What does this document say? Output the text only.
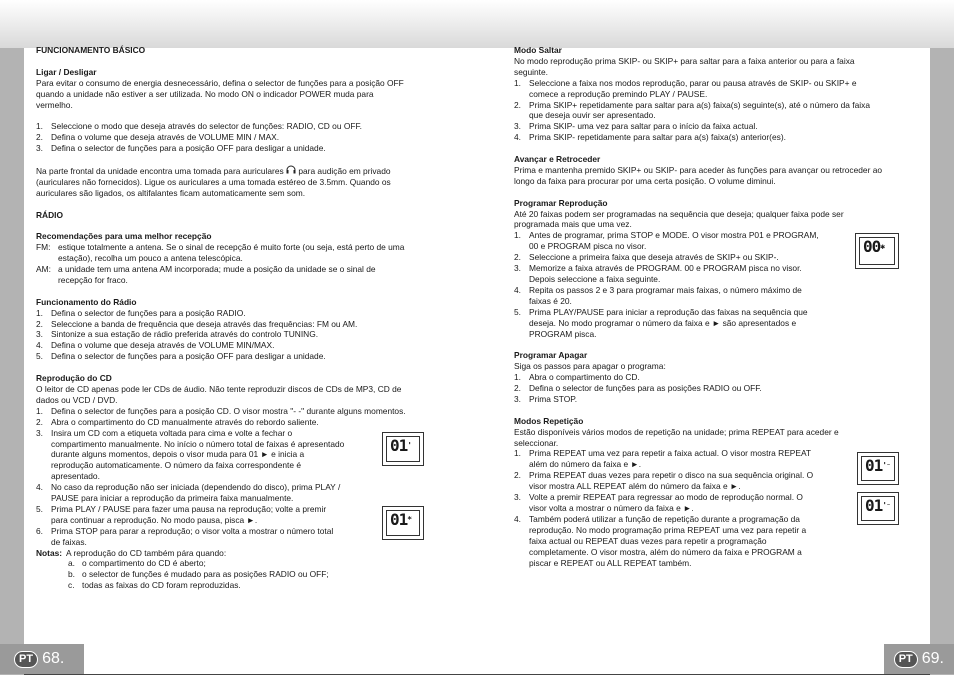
PT 68.	PT 69.
FUNCIONAMENTO BÁSICO
Ligar / Desligar
Para evitar o consumo de energia desnecessário, defina o selector de funções para a posição OFF
quando a unidade não estiver a ser utilizada. No modo ON o indicador POWER muda para
vermelho.
1. Seleccione o modo que deseja através do selector de funções: RADIO, CD ou OFF.
2. Defina o volume que deseja através de VOLUME MIN / MAX.
3. Defina o selector de funções para a posição OFF para desligar a unidade.
Na parte frontal da unidade encontra uma tomada para auriculares para audição em privado
(auriculares não fornecidos). Ligue os auriculares a uma tomada estéreo de 3.5mm. Quando os
auriculares são ligados, os altifalantes ficam automaticamente sem som.
RÁDIO
Recomendações para uma melhor recepção
FM: estique totalmente a antena. Se o sinal de recepção é muito forte (ou seja, está perto de uma
estação), recolha um pouco a antena telescópica.
AM: a unidade tem uma antena AM incorporada; mude a posição da unidade se o sinal de
recepção for fraco.
Funcionamento do Rádio
1. Defina o selector de funções para a posição RADIO.
2. Seleccione a banda de frequência que deseja através das frequências: FM ou AM.
3. Sintonize a sua estação de rádio preferida através do controlo TUNING.
4. Defina o volume que deseja através de VOLUME MIN/MAX.
5. Defina o selector de funções para a posição OFF para desligar a unidade.
Reprodução do CD
O leitor de CD apenas pode ler CDs de áudio. Não tente reproduzir discos de CDs de MP3, CD de
dados ou VCD / DVD.
1. Defina o selector de funções para a posição CD. O visor mostra "- -" durante alguns momentos.
2. Abra o compartimento do CD manualmente através do rebordo saliente.
3. Insira um CD com a etiqueta voltada para cima e volte a fechar o
compartimento manualmente. No início o número total de faixas é apresentado
durante alguns momentos, depois o visor muda para 01 ► e inicia a
reprodução automaticamente. O número da faixa correspondente é
apresentado.
4. No caso da reprodução não ser iniciada (dependendo do disco), prima PLAY /
PAUSE para iniciar a reprodução da primeira faixa manualmente.
5. Prima PLAY / PAUSE para fazer uma pausa na reprodução; volte a premir
para continuar a reprodução. No modo pausa, pisca ►.
6. Prima STOP para parar a reprodução; o visor volta a mostrar o número total
de faixas.
Notas: A reprodução do CD também pára quando:
a. o compartimento do CD é aberto;
b. o selector de funções é mudado para as posições RADIO ou OFF;
c. todas as faixas do CD foram reproduzidas.
01'
01*
Modo Saltar
No modo reprodução prima SKIP- ou SKIP+ para saltar para a faixa anterior ou para a faixa
seguinte.
1. Seleccione a faixa nos modos reprodução, parar ou pausa através de SKIP- ou SKIP+ e
comece a reprodução premindo PLAY / PAUSE.
2. Prima SKIP+ repetidamente para saltar para a(s) faixa(s) seguinte(s), até o número da faixa
que deseja ouvir ser apresentado.
3. Prima SKIP- uma vez para saltar para o início da faixa actual.
4. Prima SKIP- repetidamente para saltar para a(s) faixa(s) anterior(es).
Avançar e Retroceder
Prima e mantenha premido SKIP+ ou SKIP- para aceder às funções para avançar ou retroceder ao
longo da faixa para procurar por uma certa posição. O volume diminui.
Programar Reprodução
Até 20 faixas podem ser programadas na sequência que deseja; qualquer faixa pode ser
programada mais que uma vez.
1. Antes de programar, prima STOP e MODE. O visor mostra P01 e PROGRAM,
00 e PROGRAM pisca no visor.
2. Seleccione a primeira faixa que deseja através de SKIP+ ou SKIP-.
3. Memorize a faixa através de PROGRAM. 00 e PROGRAM pisca no visor.
Depois seleccione a faixa seguinte.
4. Repita os passos 2 e 3 para programar mais faixas, o número máximo de
faixas é 20.
5. Prima PLAY/PAUSE para iniciar a reprodução das faixas na sequência que
deseja. No modo programar o número da faixa e ► são apresentados e
PROGRAM pisca.
Programar Apagar
Siga os passos para apagar o programa:
1. Abra o compartimento do CD.
2. Defina o selector de funções para as posições RADIO ou OFF.
3. Prima STOP.
Modos Repetição
Estão disponíveis vários modos de repetição na unidade; prima REPEAT para aceder e
seleccionar.
1. Prima REPEAT uma vez para repetir a faixa actual. O visor mostra REPEAT
além do número da faixa e ►.
2. Prima REPEAT duas vezes para repetir o disco na sua sequência original. O
visor mostra ALL REPEAT além do número da faixa e ►.
3. Volte a premir REPEAT para regressar ao modo de reprodução normal. O
visor volta a mostrar o número da faixa e ►.
4. Também poderá utilizar a função de repetição durante a programação da
reprodução. No modo programação prima REPEAT uma vez para repetir a
faixa actual ou REPEAT duas vezes para repetir a programação
completamente. O visor mostra, além do número da faixa e PROGRAM a
piscar e REPEAT ou ALL REPEAT também.
00✱
01'⁻
01'⁻
